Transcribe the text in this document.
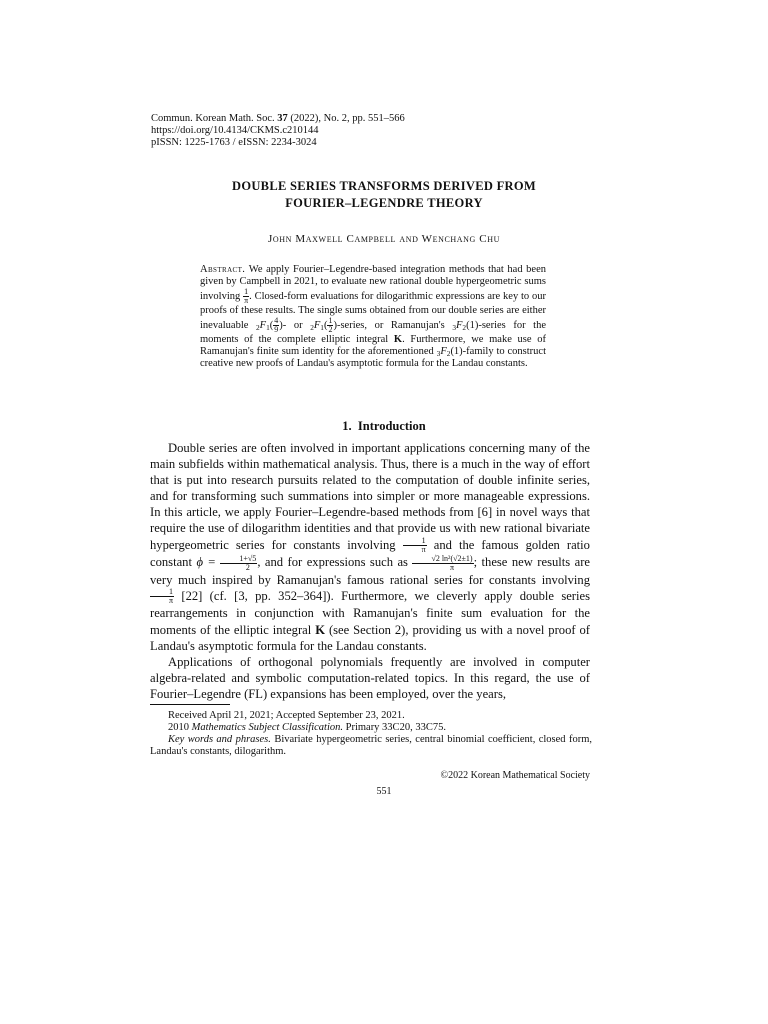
Commun. Korean Math. Soc. 37 (2022), No. 2, pp. 551–566
https://doi.org/10.4134/CKMS.c210144
pISSN: 1225-1763 / eISSN: 2234-3024
DOUBLE SERIES TRANSFORMS DERIVED FROM
FOURIER–LEGENDRE THEORY
John Maxwell Campbell and Wenchang Chu
Abstract. We apply Fourier–Legendre-based integration methods that had been given by Campbell in 2021, to evaluate new rational double hypergeometric sums involving $\frac{1}{\pi}$ . Closed-form evaluations for dilogarithmic expressions are key to our proofs of these results. The single sums obtained from our double series are either inevaluable $_2F_1( \frac{4}{9}$ )- or $_2F_1( \frac{1}{2}$ )-series, or Ramanujan's $_3F_2(1)$-series for the moments of the complete elliptic integral K. Furthermore, we make use of Ramanujan's finite sum identity for the aforementioned $_3F_2(1)$-family to construct creative new proofs of Landau's asymptotic formula for the Landau constants.
1. Introduction

Double series are often involved in important applications concerning many of the main subfields within mathematical analysis. Thus, there is a much in the way of effort that is put into research pursuits related to the computation of double infinite series, and for transforming such summations into simpler or more manageable expressions. In this article, we apply Fourier–Legendre-based methods from [6] in novel ways that require the use of dilogarithm identities and that provide us with new rational bivariate hypergeometric series for constants involving $\frac{1}{\pi}$ and the famous golden ratio constant $\phi = \frac{1+√5}{2}$ , and for expressions such as $\frac{\text{√2 ln²(√2±1)}}{\pi}$ ; these new results are very much inspired by Ramanujan's famous rational series for constants involving
$\frac{1}{\pi} [22]$ (cf. [3, pp. 352–364]). Furthermore, we cleverly apply double series rearrangements in conjunction with Ramanujan's finite sum evaluation for the moments of the elliptic integral K (see Section 2), providing us with a novel proof of Landau's asymptotic formula for the Landau constants.

Applications of orthogonal polynomials frequently are involved in computer algebra-related and symbolic computation-related topics. In this regard, the use of Fourier–Legendre (FL) expansions has been employed, over the years,

Received April 21, 2021; Accepted September 23, 2021.

2010 Mathematics Subject Classification. Primary 33C20, 33C75.

Key words and phrases. Bivariate hypergeometric series, central binomial coefficient, closed form, Landau's constants, dilogarithm.

©2022 Korean Mathematical Society
551
